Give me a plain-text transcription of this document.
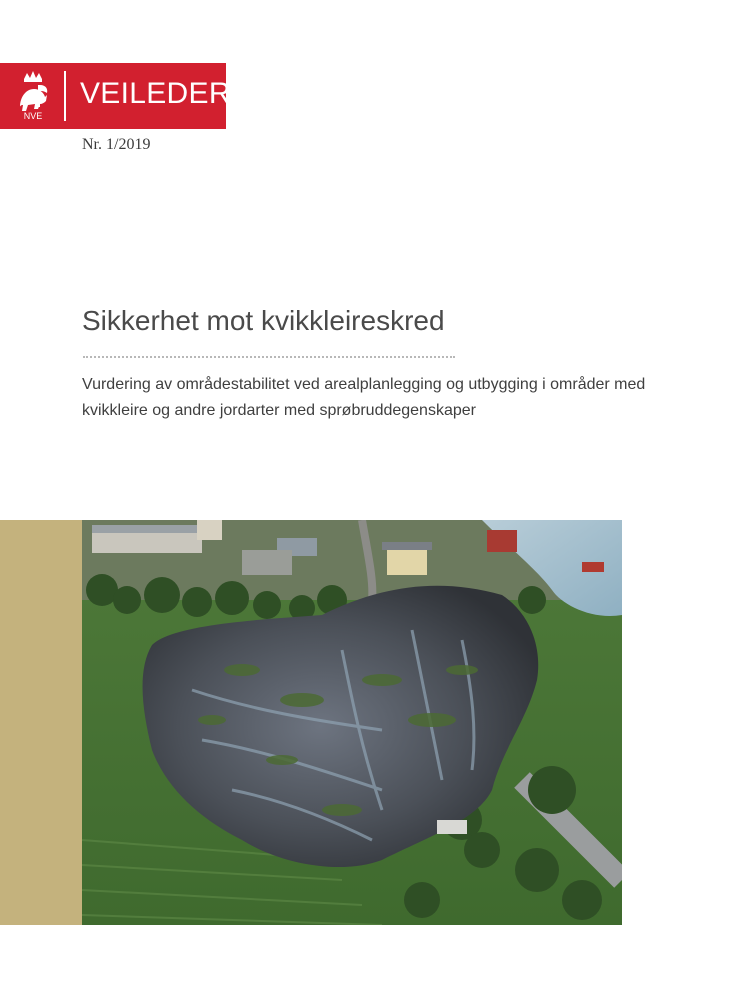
NVE
VEILEDER
Nr. 1/2019
Sikkerhet mot kvikkleireskred
Vurdering av områdestabilitet ved arealplanlegging og utbygging i områder med
kvikkleire og andre jordarter med sprøbruddegenskaper
